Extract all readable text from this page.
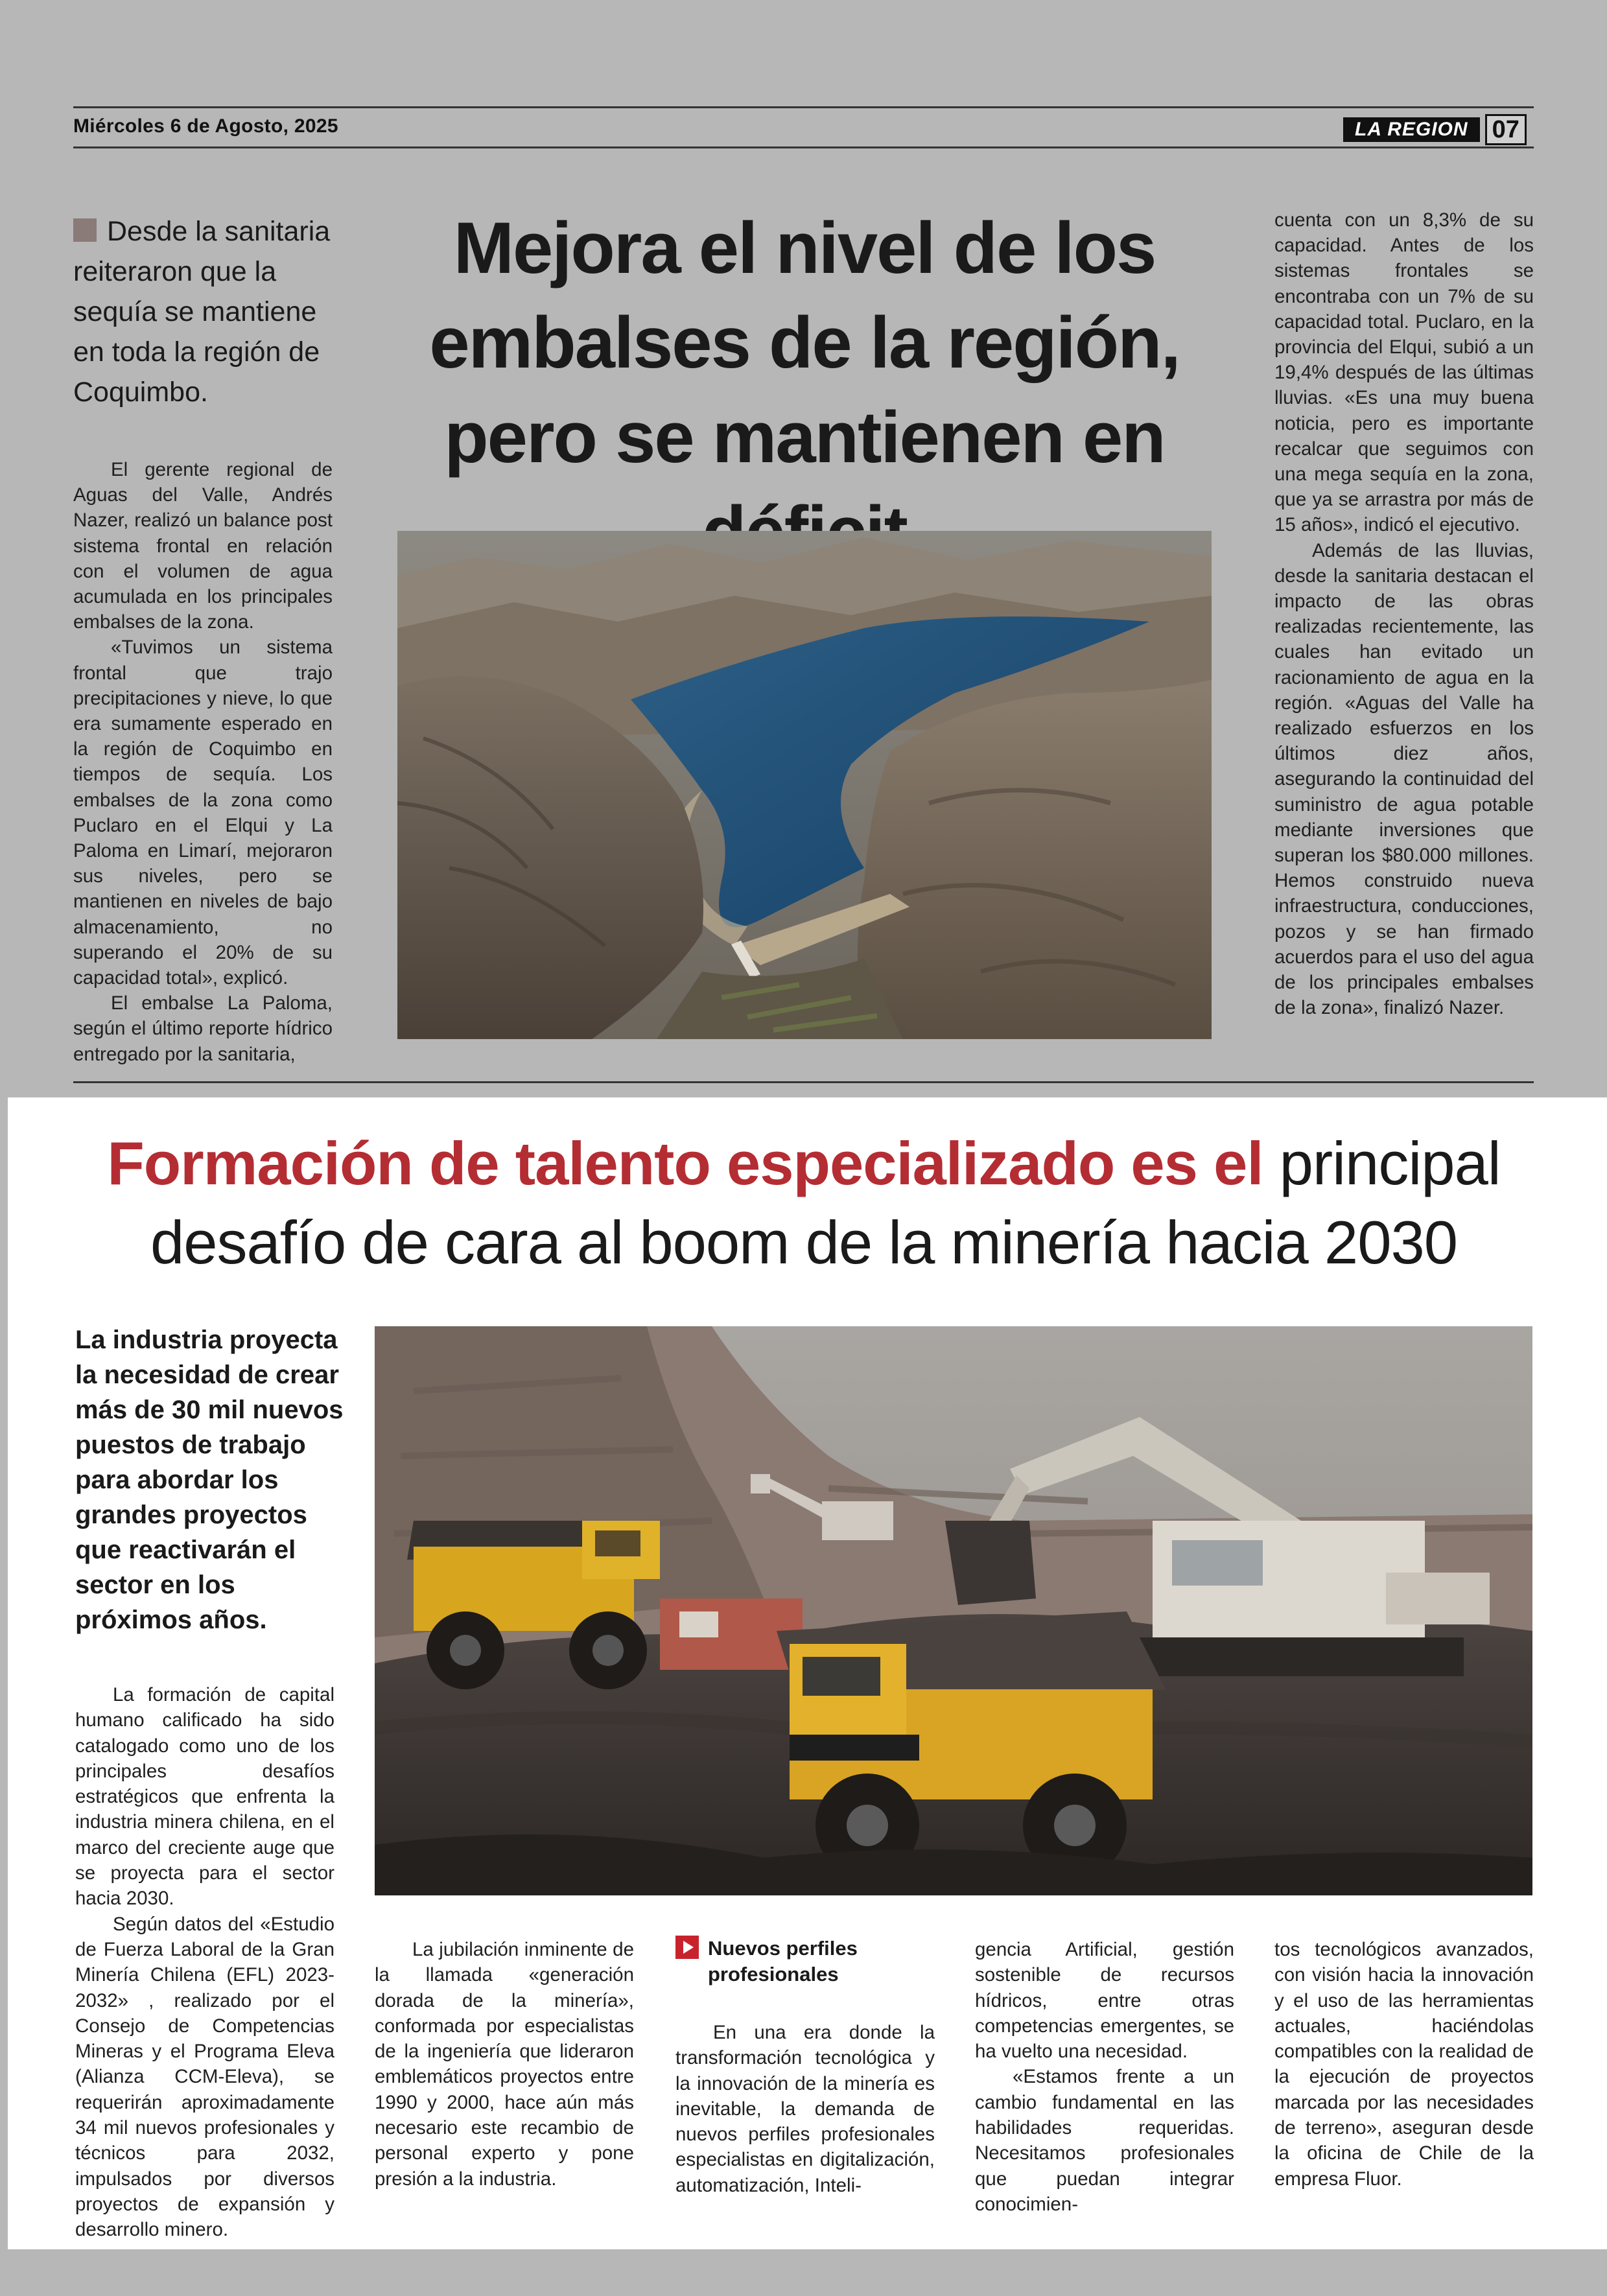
Miércoles 6 de Agosto, 2025	LA REGION 07
Desde la sanitaria reiteraron que la sequía se mantiene en toda la región de Coquimbo.
Mejora el nivel de los embalses de la región, pero se mantienen en

El gerente regional de Aguas del Valle, Andrés Nazer, realizó un balance post sistema frontal en relación con el volumen de agua acumulada en los principales embalses de la zona.

«Tuvimos un sistema frontal que trajo precipitaciones y nieve, lo que era sumamente esperado en la región de Coquimbo en tiempos de sequía. Los embalses de la zona como Puclaro en el Elqui y La Paloma en Limarí, mejoraron sus niveles, pero se mantienen en niveles de bajo almacenamiento, no superando el 20% de su capacidad total», explicó.

El embalse La Paloma, según el último reporte hídrico entregado por la sanitaria,

cuenta con un 8,3% de su capacidad. Antes de los sistemas frontales se encontraba con un 7% de su capacidad total. Puclaro, en la provincia del Elqui, subió a un 19,4% después de las últimas lluvias. «Es una muy buena noticia, pero es importante recalcar que seguimos con una mega sequía en la zona, que ya se arrastra por más de 15 años», indicó el ejecutivo.

Además de las lluvias, desde la sanitaria destacan el impacto de las obras realizadas recientemente, las cuales han evitado un racionamiento de agua en la región. «Aguas del Valle ha realizado esfuerzos en los últimos diez años, asegurando la continuidad del suministro de agua potable mediante inversiones que superan los $80.000 millones. Hemos construido nueva infraestructura, conducciones, pozos y se han firmado acuerdos para el uso del agua de los principales embalses de la zona», finalizó Nazer.

Formación de talento especializado es el principal desafío de cara al boom de la minería hacia 2030
La industria proyecta la necesidad de crear más de 30 mil nuevos puestos de trabajo para abordar los grandes proyectos que reactivarán el sector en los próximos años.

La formación de capital humano calificado ha sido catalogado como uno de los principales desafíos estratégicos que enfrenta la industria minera chilena, en el marco del creciente auge que se proyecta para el sector hacia 2030.

Según datos del «Estudio de Fuerza Laboral de la Gran Minería Chilena (EFL) 2023-2032» , realizado por el Consejo de Competencias Mineras y el Programa Eleva (Alianza CCM-Eleva), se requerirán aproximadamente 34 mil nuevos profesionales y técnicos para 2032, impulsados por diversos proyectos de expansión y desarrollo minero.

La jubilación inminente de la llamada «generación dorada de la minería», conformada por especialistas de la ingeniería que lideraron emblemáticos proyectos entre 1990 y 2000, hace aún más necesario este recambio de personal experto y pone presión a la industria.

Nuevos perfiles profesionales

En una era donde la transformación tecnológica y la innovación de la minería es inevitable, la demanda de nuevos perfiles profesionales especialistas en digitalización, automatización, Inteli-

gencia Artificial, gestión sostenible de recursos hídricos, entre otras competencias emergentes, se ha vuelto una necesidad.

«Estamos frente a un cambio fundamental en las habilidades requeridas. Necesitamos profesionales que puedan integrar conocimien-

tos tecnológicos avanzados, con visión hacia la innovación y el uso de las herramientas actuales, haciéndolas compatibles con la realidad de la ejecución de proyectos marcada por las necesidades de terreno», aseguran desde la oficina de Chile de la empresa Fluor.
